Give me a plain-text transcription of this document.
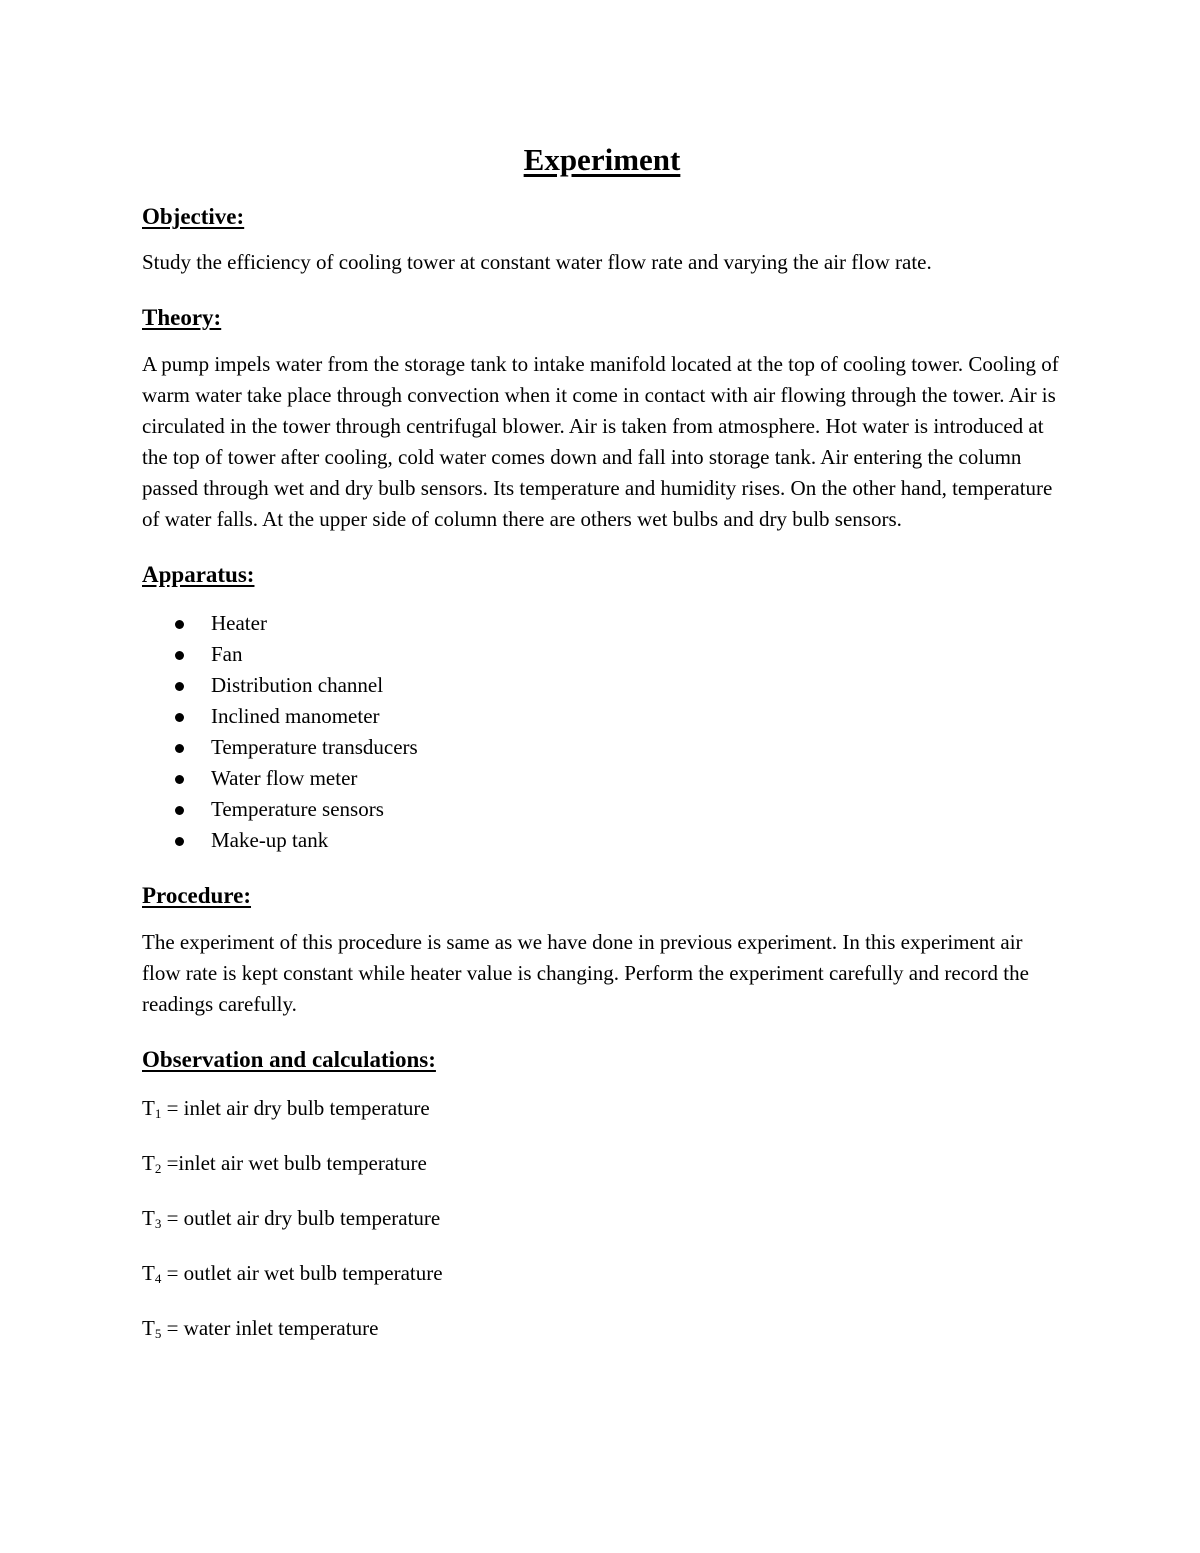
Experiment
Objective:

Study the efficiency of cooling tower at constant water flow rate and varying the air flow rate.

Theory:

A pump impels water from the storage tank to intake manifold located at the top of cooling tower. Cooling of warm water take place through convection when it come in contact with air flowing through the tower. Air is circulated in the tower through centrifugal blower. Air is taken from atmosphere. Hot water is introduced at the top of tower after cooling, cold water comes down and fall into storage tank. Air entering the column passed through wet and dry bulb sensors. Its temperature and humidity rises. On the other hand, temperature of water falls. At the upper side of column there are others wet bulbs and dry bulb sensors.

Apparatus:
Heater
Fan
Distribution channel
Inclined manometer
Temperature transducers
Water flow meter
Temperature sensors
Make-up tank
Procedure:

The experiment of this procedure is same as we have done in previous experiment. In this experiment air flow rate is kept constant while heater value is changing. Perform the experiment carefully and record the readings carefully.

Observation and calculations:

$T_1$ = inlet air dry bulb temperature

$T_2$ =inlet air wet bulb temperature

$T_3$ = outlet air dry bulb temperature

$T_4$ = outlet air wet bulb temperature

$T_5$ = water inlet temperature
